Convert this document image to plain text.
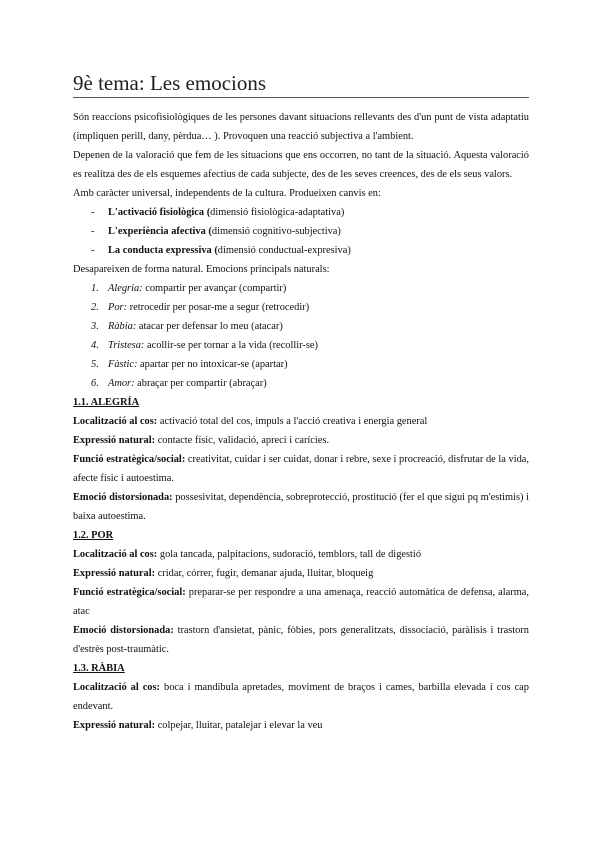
9è tema: Les emocions

Són reaccions psicofisiològiques de les persones davant situacions rellevants des d'un punt de vista adaptatiu (impliquen perill, dany, pèrdua… ). Provoquen una reacció subjectiva a l'ambient.

Depenen de la valoració que fem de les situacions que ens occorren, no tant de la situació. Aquesta valoració es realitza des de els esquemes afectius de cada subjecte, des de les seves creences, des de els seus valors.

Amb caràcter universal, independents de la cultura. Produeixen canvis en:

- L'activació fisiològica (dimensió fisiològica-adaptativa)
- L'experiència afectiva (dimensió cognitivo-subjectiva)
- La conducta expressiva (dimensió conductual-expresiva)

Desapareixen de forma natural. Emocions principals naturals:

1. Alegria: compartir per avançar (compartir)
2. Por: retrocedir per posar-me a segur (retrocedir)
3. Ràbia: atacar per defensar lo meu (atacar)
4. Tristesa: acollir-se per tornar a la vida (recollir-se)
5. Fàstic: apartar per no intoxicar-se (apartar)
6. Amor: abraçar per compartir (abraçar)

1.1. ALEGRÍA

Localització al cos: activació total del cos, impuls a l'acció creativa i energia general

Expressió natural: contacte físic, validació, apreci i carícies.

Funció estratègica/social: creativitat, cuidar i ser cuidat, donar i rebre, sexe i procreació, disfrutar de la vida, afecte físic i autoestima.

Emoció distorsionada: possesivitat, dependència, sobreprotecció, prostitució (fer el que sigui pq m'estimis) i baixa autoestima.

1.2. POR

Localització al cos: gola tancada, palpitacions, sudoració, temblors, tall de digestió

Expressió natural: cridar, córrer, fugir, demanar ajuda, lluitar, bloqueig

Funció estratègica/social: preparar-se per respondre a una amenaça, reacció automàtica de defensa, alarma, atac

Emoció distorsionada: trastorn d'ansietat, pànic, fòbies, pors generalitzats, dissociació, paràlisis i trastorn d'estrès post-traumàtic.

1.3. RÀBIA

Localització al cos: boca i mandíbula apretades, moviment de braços i cames, barbilla elevada i cos cap endevant.

Expressió natural: colpejar, lluitar, patalejar i elevar la veu
